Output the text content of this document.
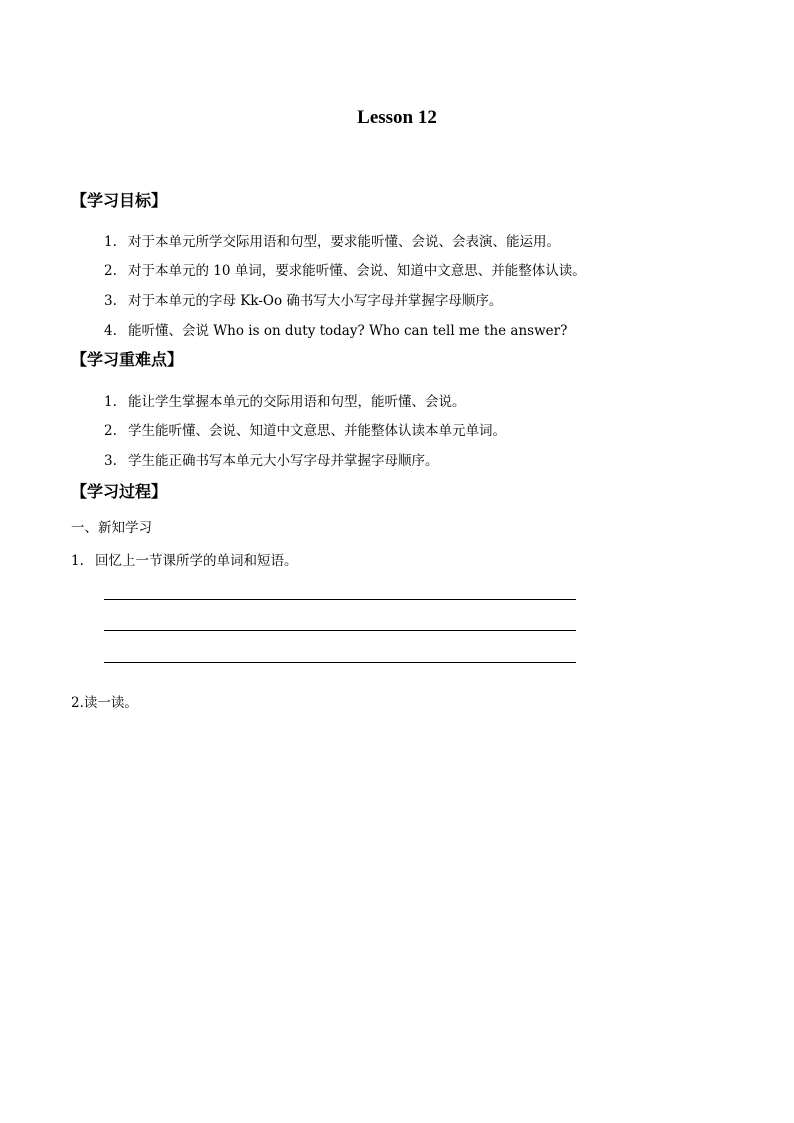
Lesson 12
【学习目标】
1. 对于本单元所学交际用语和句型，要求能听懂、会说、会表演、能运用。
2. 对于本单元的 10 单词，要求能听懂、会说、知道中文意思、并能整体认读。
3. 对于本单元的字母 Kk-Oo 确书写大小写字母并掌握字母顺序。
4. 能听懂、会说 Who is on duty today? Who can tell me the answer?
【学习重难点】
1. 能让学生掌握本单元的交际用语和句型，能听懂、会说。
2. 学生能听懂、会说、知道中文意思、并能整体认读本单元单词。
3. 学生能正确书写本单元大小写字母并掌握字母顺序。
【学习过程】
一、新知学习
1. 回忆上一节课所学的单词和短语。
2.读一读。
